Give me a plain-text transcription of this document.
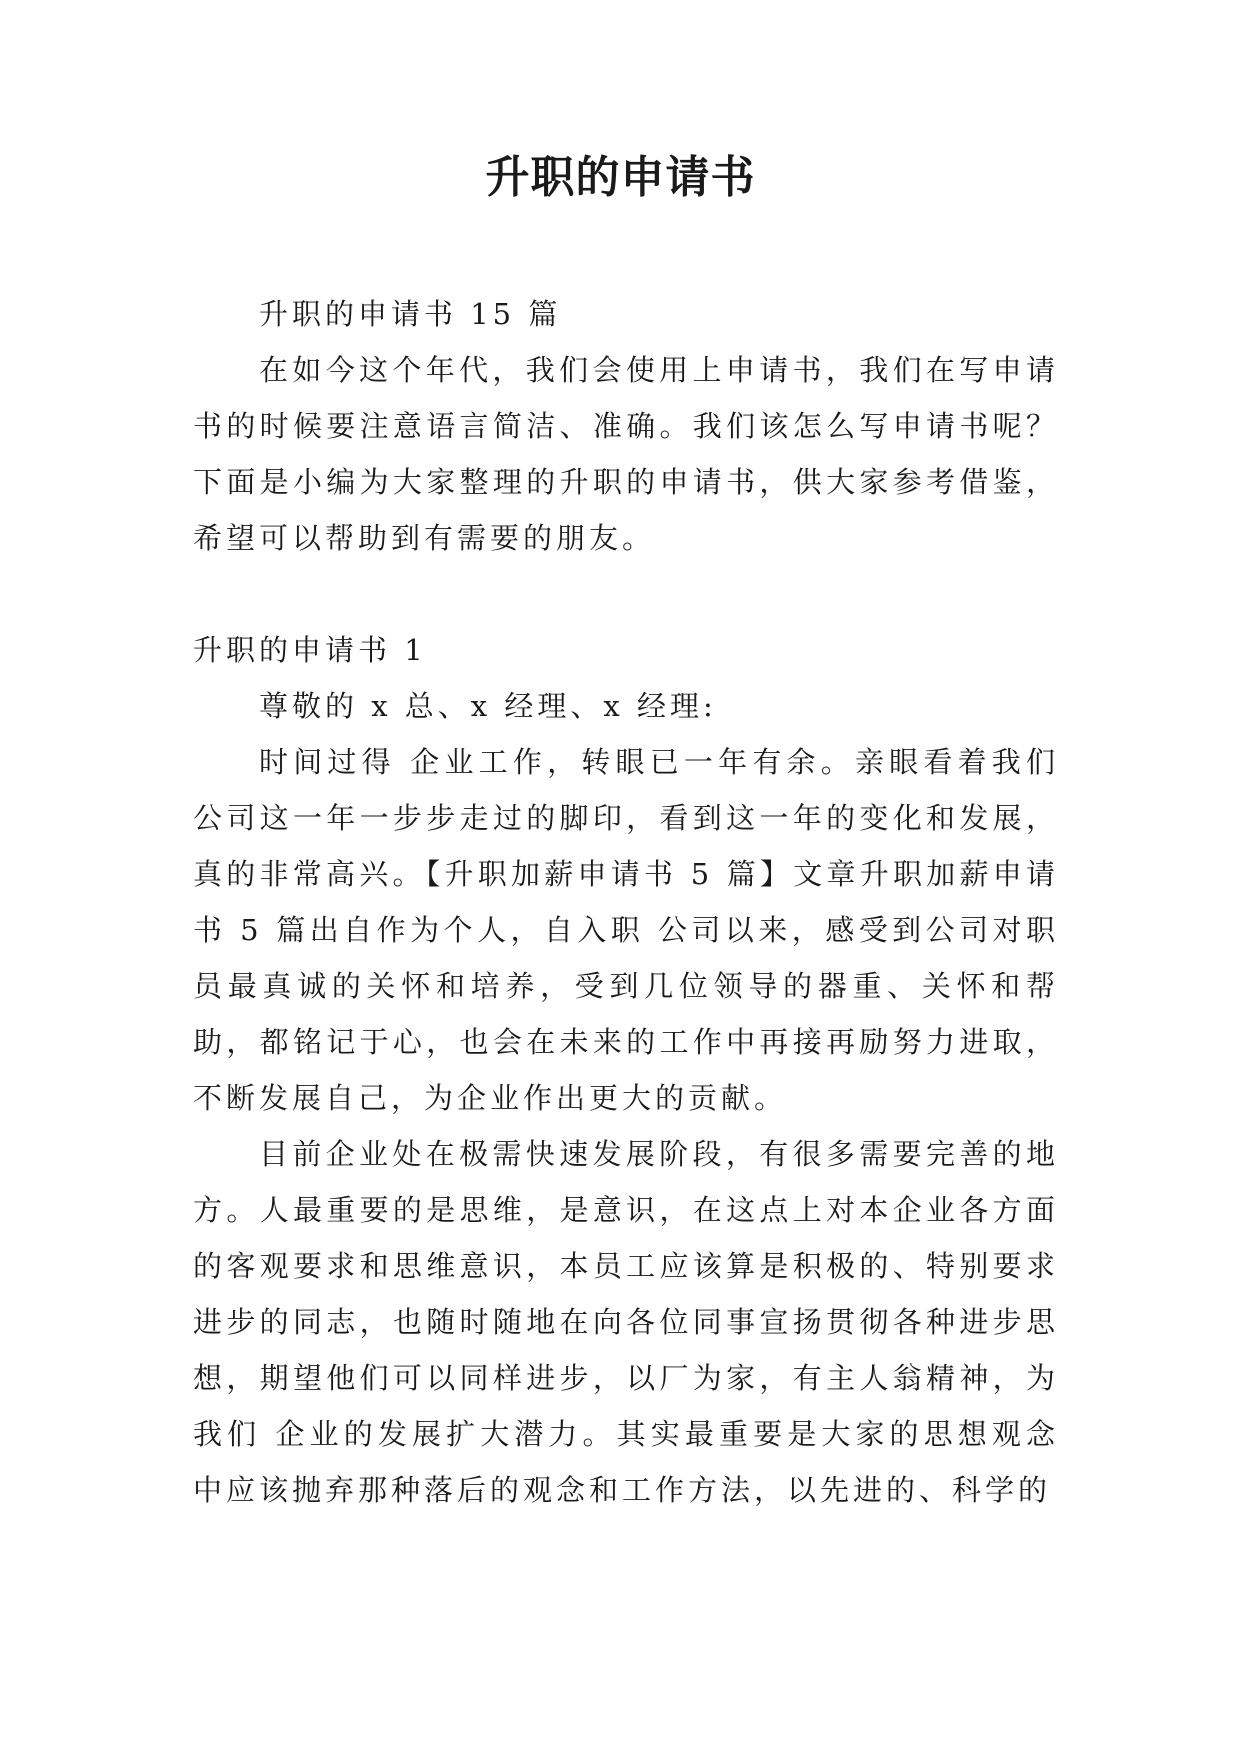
升职的申请书

升职的申请书 15 篇

在如今这个年代，我们会使用上申请书，我们在写申请书的时候要注意语言简洁、准确。我们该怎么写申请书呢？下面是小编为大家整理的升职的申请书，供大家参考借鉴，希望可以帮助到有需要的朋友。

升职的申请书 1

尊敬的 x 总、x 经理、x 经理:

时间过得 企业工作，转眼已一年有余。亲眼看着我们公司这一年一步步走过的脚印，看到这一年的变化和发展，真的非常高兴。【升职加薪申请书 5 篇】文章升职加薪申请书 5 篇出自作为个人，自入职 公司以来，感受到公司对职员最真诚的关怀和培养，受到几位领导的器重、关怀和帮助，都铭记于心，也会在未来的工作中再接再励努力进取，不断发展自己，为企业作出更大的贡献。

目前企业处在极需快速发展阶段，有很多需要完善的地方。人最重要的是思维，是意识，在这点上对本企业各方面的客观要求和思维意识，本员工应该算是积极的、特别要求进步的同志，也随时随地在向各位同事宣扬贯彻各种进步思想，期望他们可以同样进步，以厂为家，有主人翁精神，为我们 企业的发展扩大潜力。其实最重要是大家的思想观念中应该抛弃那种落后的观念和工作方法，以先进的、科学的
